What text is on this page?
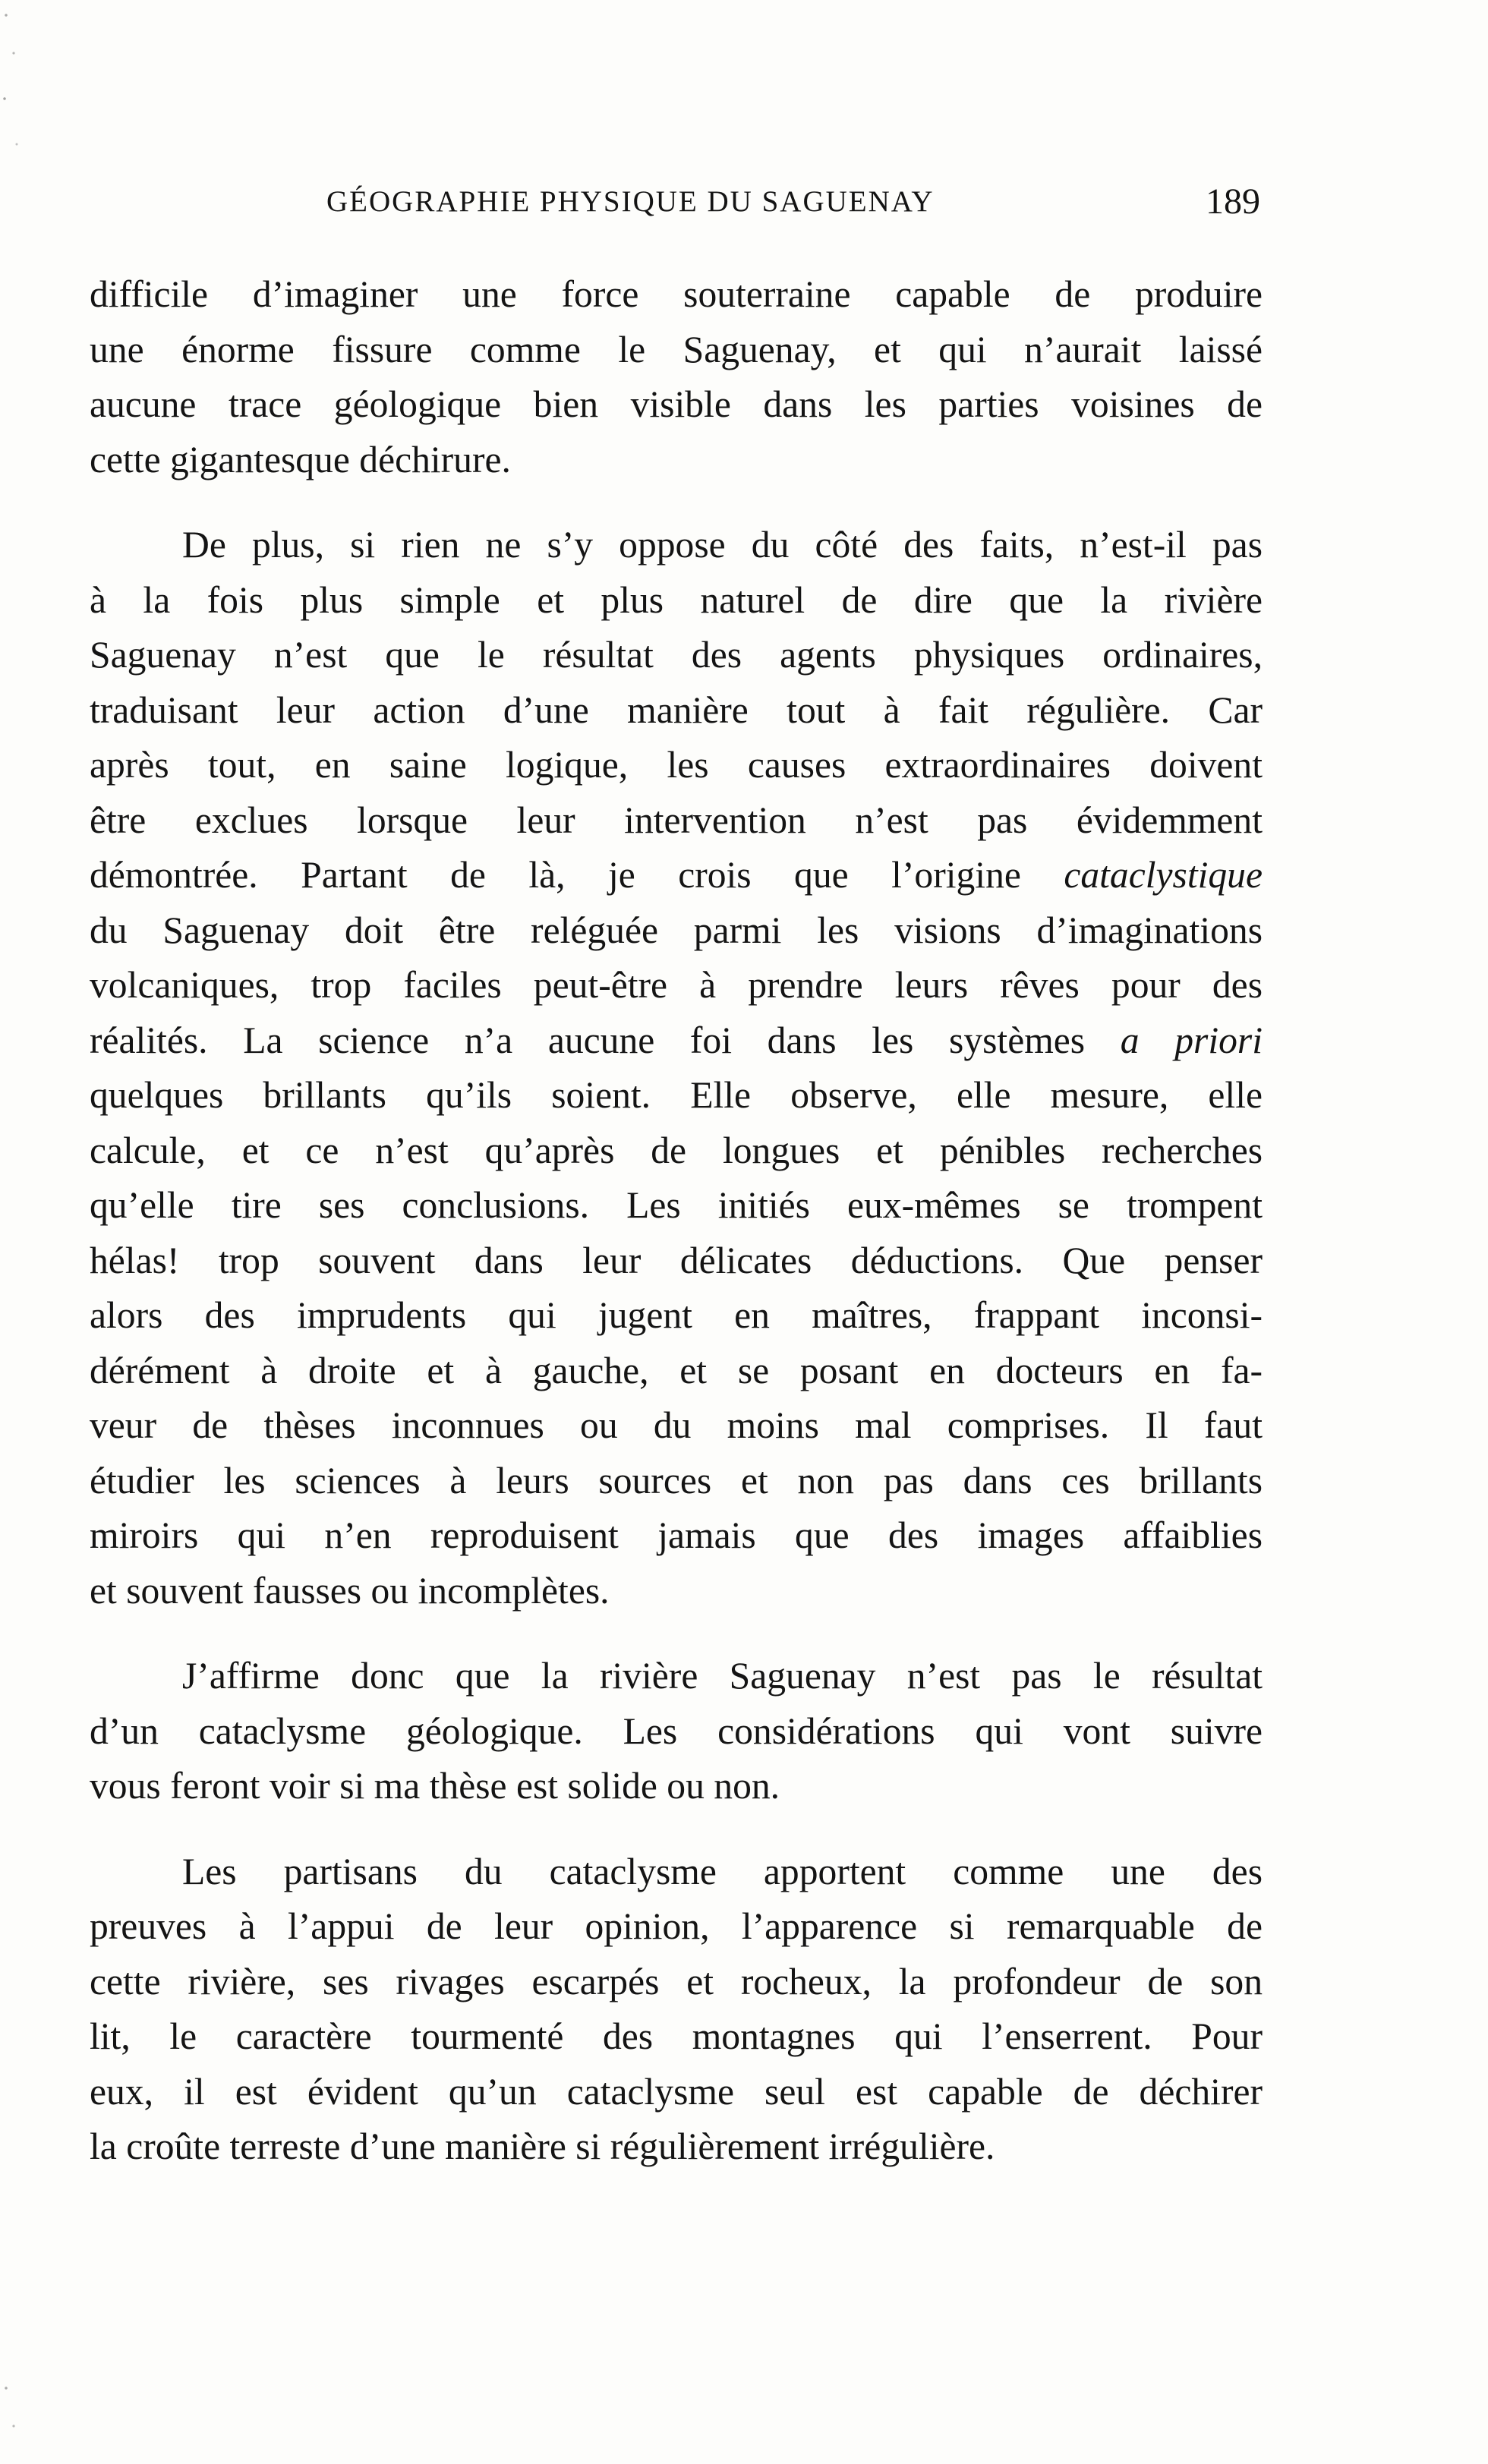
GÉOGRAPHIE PHYSIQUE DU SAGUENAY	189
difficile d’imaginer une force souterraine capable de produire
une énorme fissure comme le Saguenay, et qui n’aurait laissé
aucune trace géologique bien visible dans les parties voisines de
cette gigantesque déchirure.
De plus, si rien ne s’y oppose du côté des faits, n’est-il pas
à la fois plus simple et plus naturel de dire que la rivière
Saguenay n’est que le résultat des agents physiques ordinaires,
traduisant leur action d’une manière tout à fait régulière. Car
après tout, en saine logique, les causes extraordinaires doivent
être exclues lorsque leur intervention n’est pas évidemment
démontrée. Partant de là, je crois que l’origine cataclystique
du Saguenay doit être reléguée parmi les visions d’imaginations
volcaniques, trop faciles peut-être à prendre leurs rêves pour des
réalités. La science n’a aucune foi dans les systèmes a priori
quelques brillants qu’ils soient. Elle observe, elle mesure, elle
calcule, et ce n’est qu’après de longues et pénibles recherches
qu’elle tire ses conclusions. Les initiés eux-mêmes se trompent
hélas! trop souvent dans leur délicates déductions. Que penser
alors des imprudents qui jugent en maîtres, frappant inconsi-
dérément à droite et à gauche, et se posant en docteurs en fa-
veur de thèses inconnues ou du moins mal comprises. Il faut
étudier les sciences à leurs sources et non pas dans ces brillants
miroirs qui n’en reproduisent jamais que des images affaiblies
et souvent fausses ou incomplètes.
J’affirme donc que la rivière Saguenay n’est pas le résultat
d’un cataclysme géologique. Les considérations qui vont suivre
vous feront voir si ma thèse est solide ou non.
Les partisans du cataclysme apportent comme une des
preuves à l’appui de leur opinion, l’apparence si remarquable de
cette rivière, ses rivages escarpés et rocheux, la profondeur de son
lit, le caractère tourmenté des montagnes qui l’enserrent. Pour
eux, il est évident qu’un cataclysme seul est capable de déchirer
la croûte terreste d’une manière si régulièrement irrégulière.
